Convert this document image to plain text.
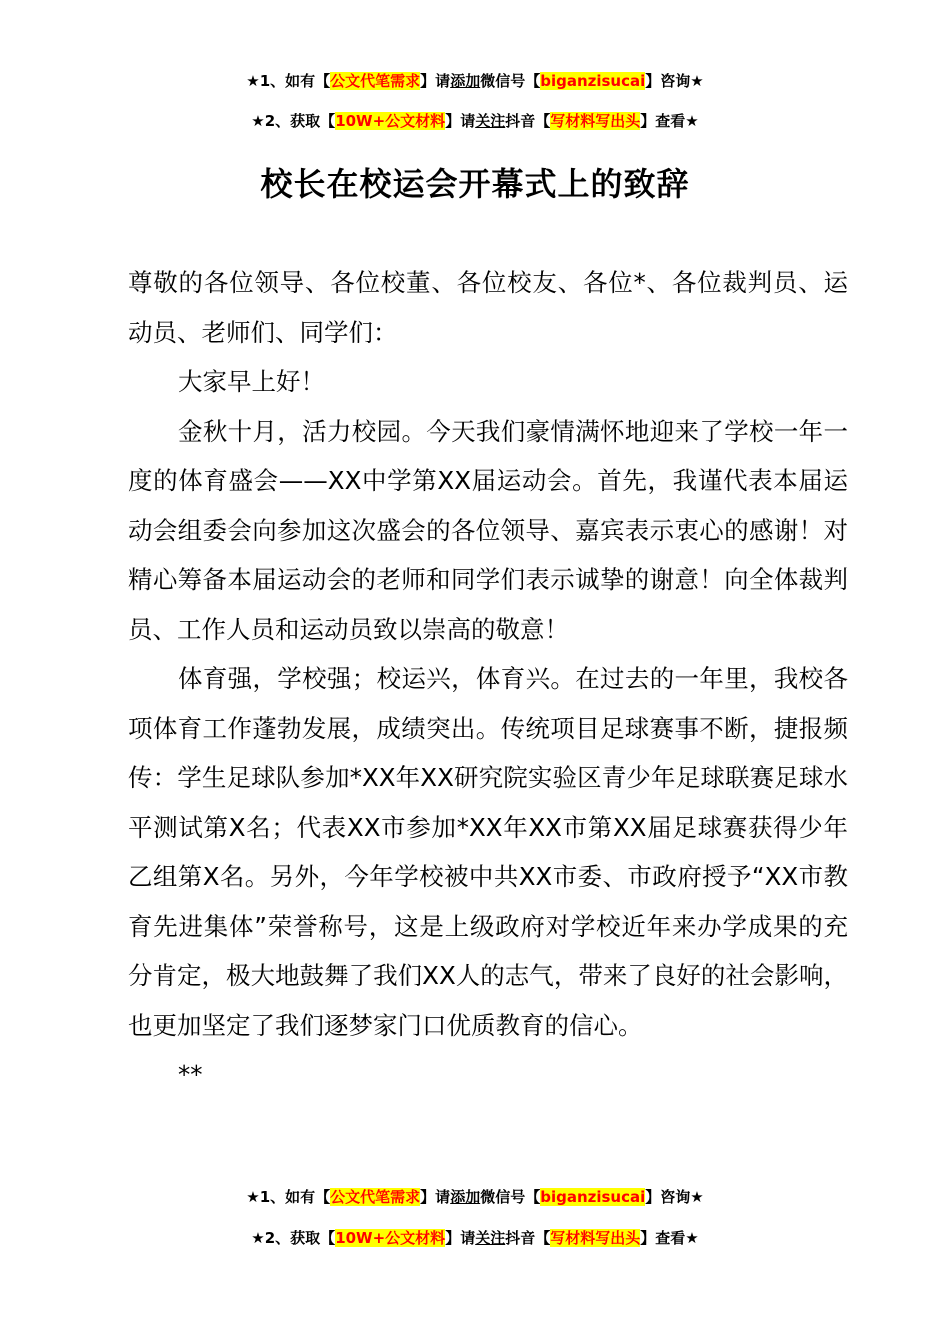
★1、如有【公文代笔需求】请添加微信号【biganzisucai】咨询★
★2、获取【10W+公文材料】请关注抖音【写材料写出头】查看★
校长在校运会开幕式上的致辞

尊敬的各位领导、各位校董、各位校友、各位*、各位裁判员、运动员、老师们、同学们：

大家早上好！

金秋十月，活力校园。今天我们豪情满怀地迎来了学校一年一度的体育盛会——XX中学第XX届运动会。首先，我谨代表本届运动会组委会向参加这次盛会的各位领导、嘉宾表示衷心的感谢！对精心筹备本届运动会的老师和同学们表示诚挚的谢意！向全体裁判员、工作人员和运动员致以崇高的敬意！

体育强，学校强；校运兴，体育兴。在过去的一年里，我校各项体育工作蓬勃发展，成绩突出。传统项目足球赛事不断，捷报频传：学生足球队参加*XX年XX研究院实验区青少年足球联赛足球水平测试第X名；代表XX市参加*XX年XX市第XX届足球赛获得少年乙组第X名。另外，今年学校被中共XX市委、市政府授予“XX市教育先进集体”荣誉称号，这是上级政府对学校近年来办学成果的充分肯定，极大地鼓舞了我们XX人的志气，带来了良好的社会影响，也更加坚定了我们逐梦家门口优质教育的信心。

**

★1、如有【公文代笔需求】请添加微信号【biganzisucai】咨询★
★2、获取【10W+公文材料】请关注抖音【写材料写出头】查看★
